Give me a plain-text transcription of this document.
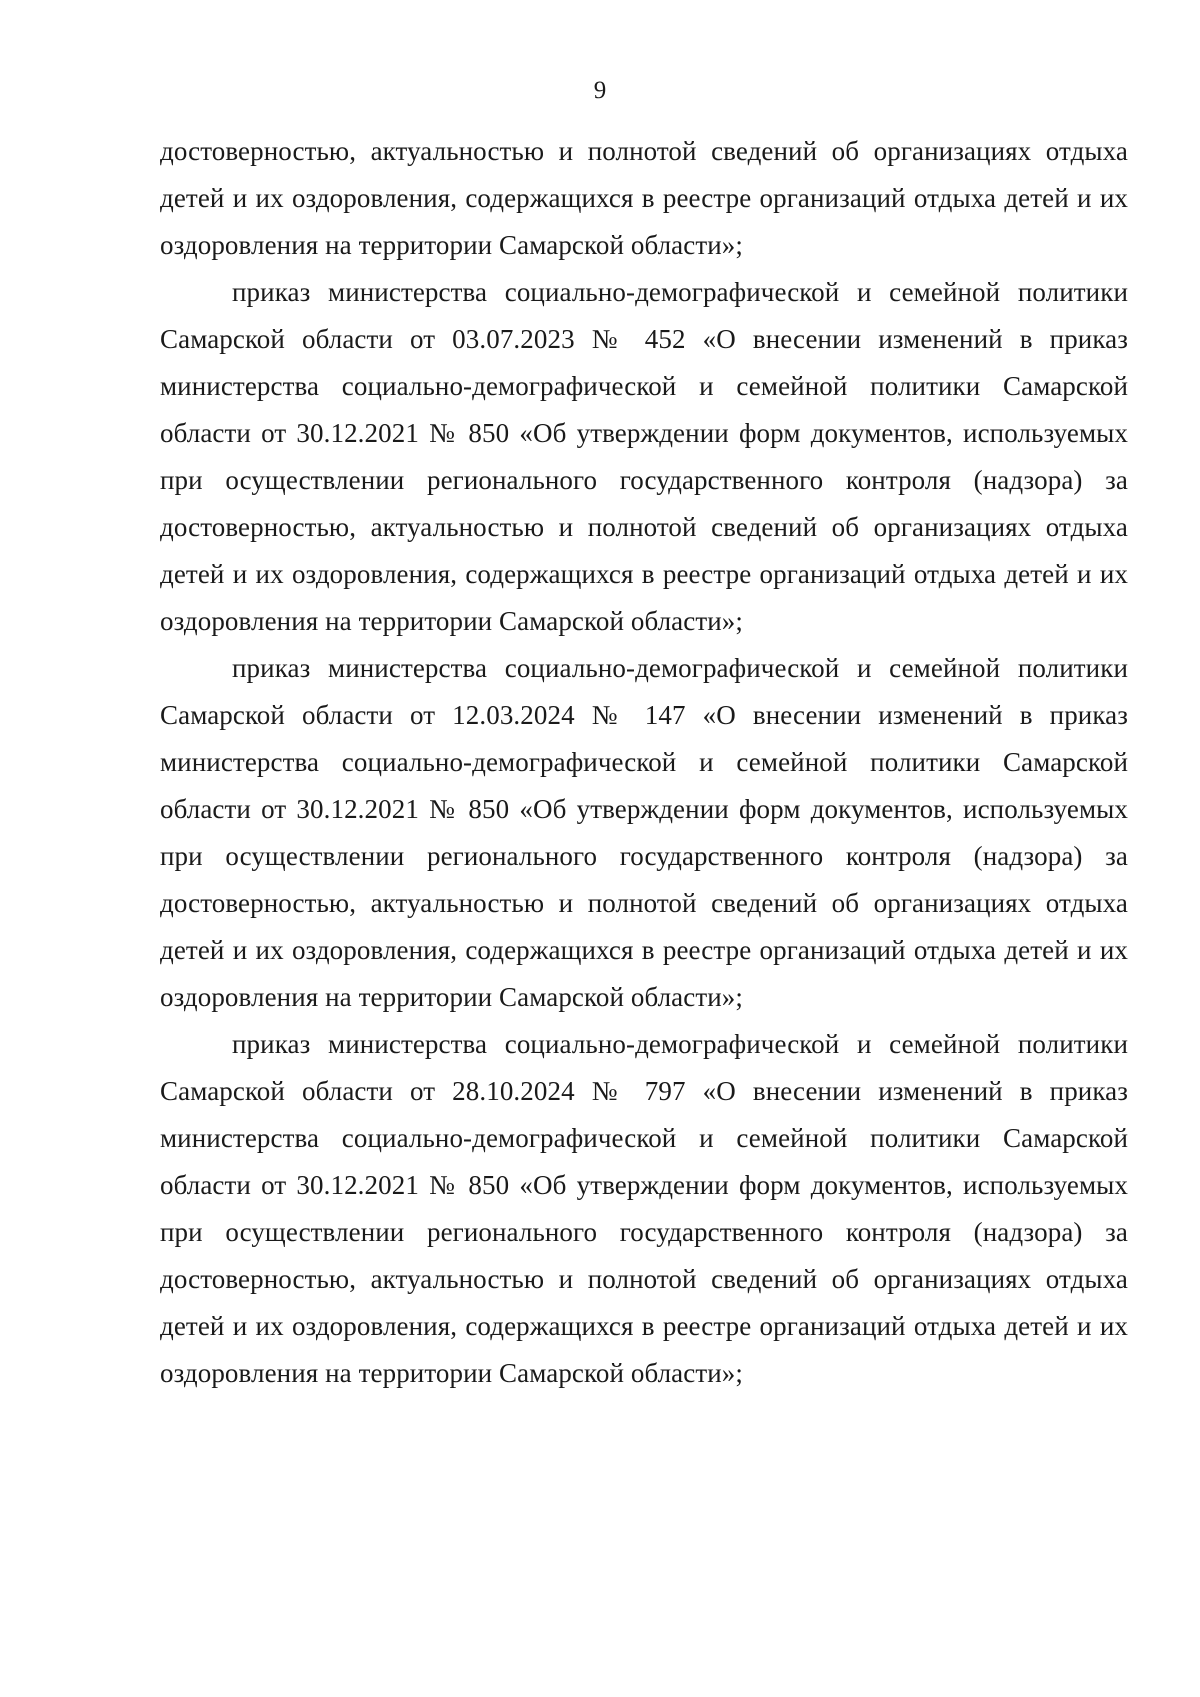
9

достоверностью, актуальностью и полнотой сведений об организациях отдыха детей и их оздоровления, содержащихся в реестре организаций отдыха детей и их оздоровления на территории Самарской области»;

приказ министерства социально-демографической и семейной политики Самарской области от 03.07.2023 № 452 «О внесении изменений в приказ министерства социально-демографической и семейной политики Самарской области от 30.12.2021 № 850 «Об утверждении форм документов, используемых при осуществлении регионального государственного контроля (надзора) за достоверностью, актуальностью и полнотой сведений об организациях отдыха детей и их оздоровления, содержащихся в реестре организаций отдыха детей и их оздоровления на территории Самарской области»;

приказ министерства социально-демографической и семейной политики Самарской области от 12.03.2024 № 147 «О внесении изменений в приказ министерства социально-демографической и семейной политики Самарской области от 30.12.2021 № 850 «Об утверждении форм документов, используемых при осуществлении регионального государственного контроля (надзора) за достоверностью, актуальностью и полнотой сведений об организациях отдыха детей и их оздоровления, содержащихся в реестре организаций отдыха детей и их оздоровления на территории Самарской области»;

приказ министерства социально-демографической и семейной политики Самарской области от 28.10.2024 № 797 «О внесении изменений в приказ министерства социально-демографической и семейной политики Самарской области от 30.12.2021 № 850 «Об утверждении форм документов, используемых при осуществлении регионального государственного контроля (надзора) за достоверностью, актуальностью и полнотой сведений об организациях отдыха детей и их оздоровления, содержащихся в реестре организаций отдыха детей и их оздоровления на территории Самарской области»;
